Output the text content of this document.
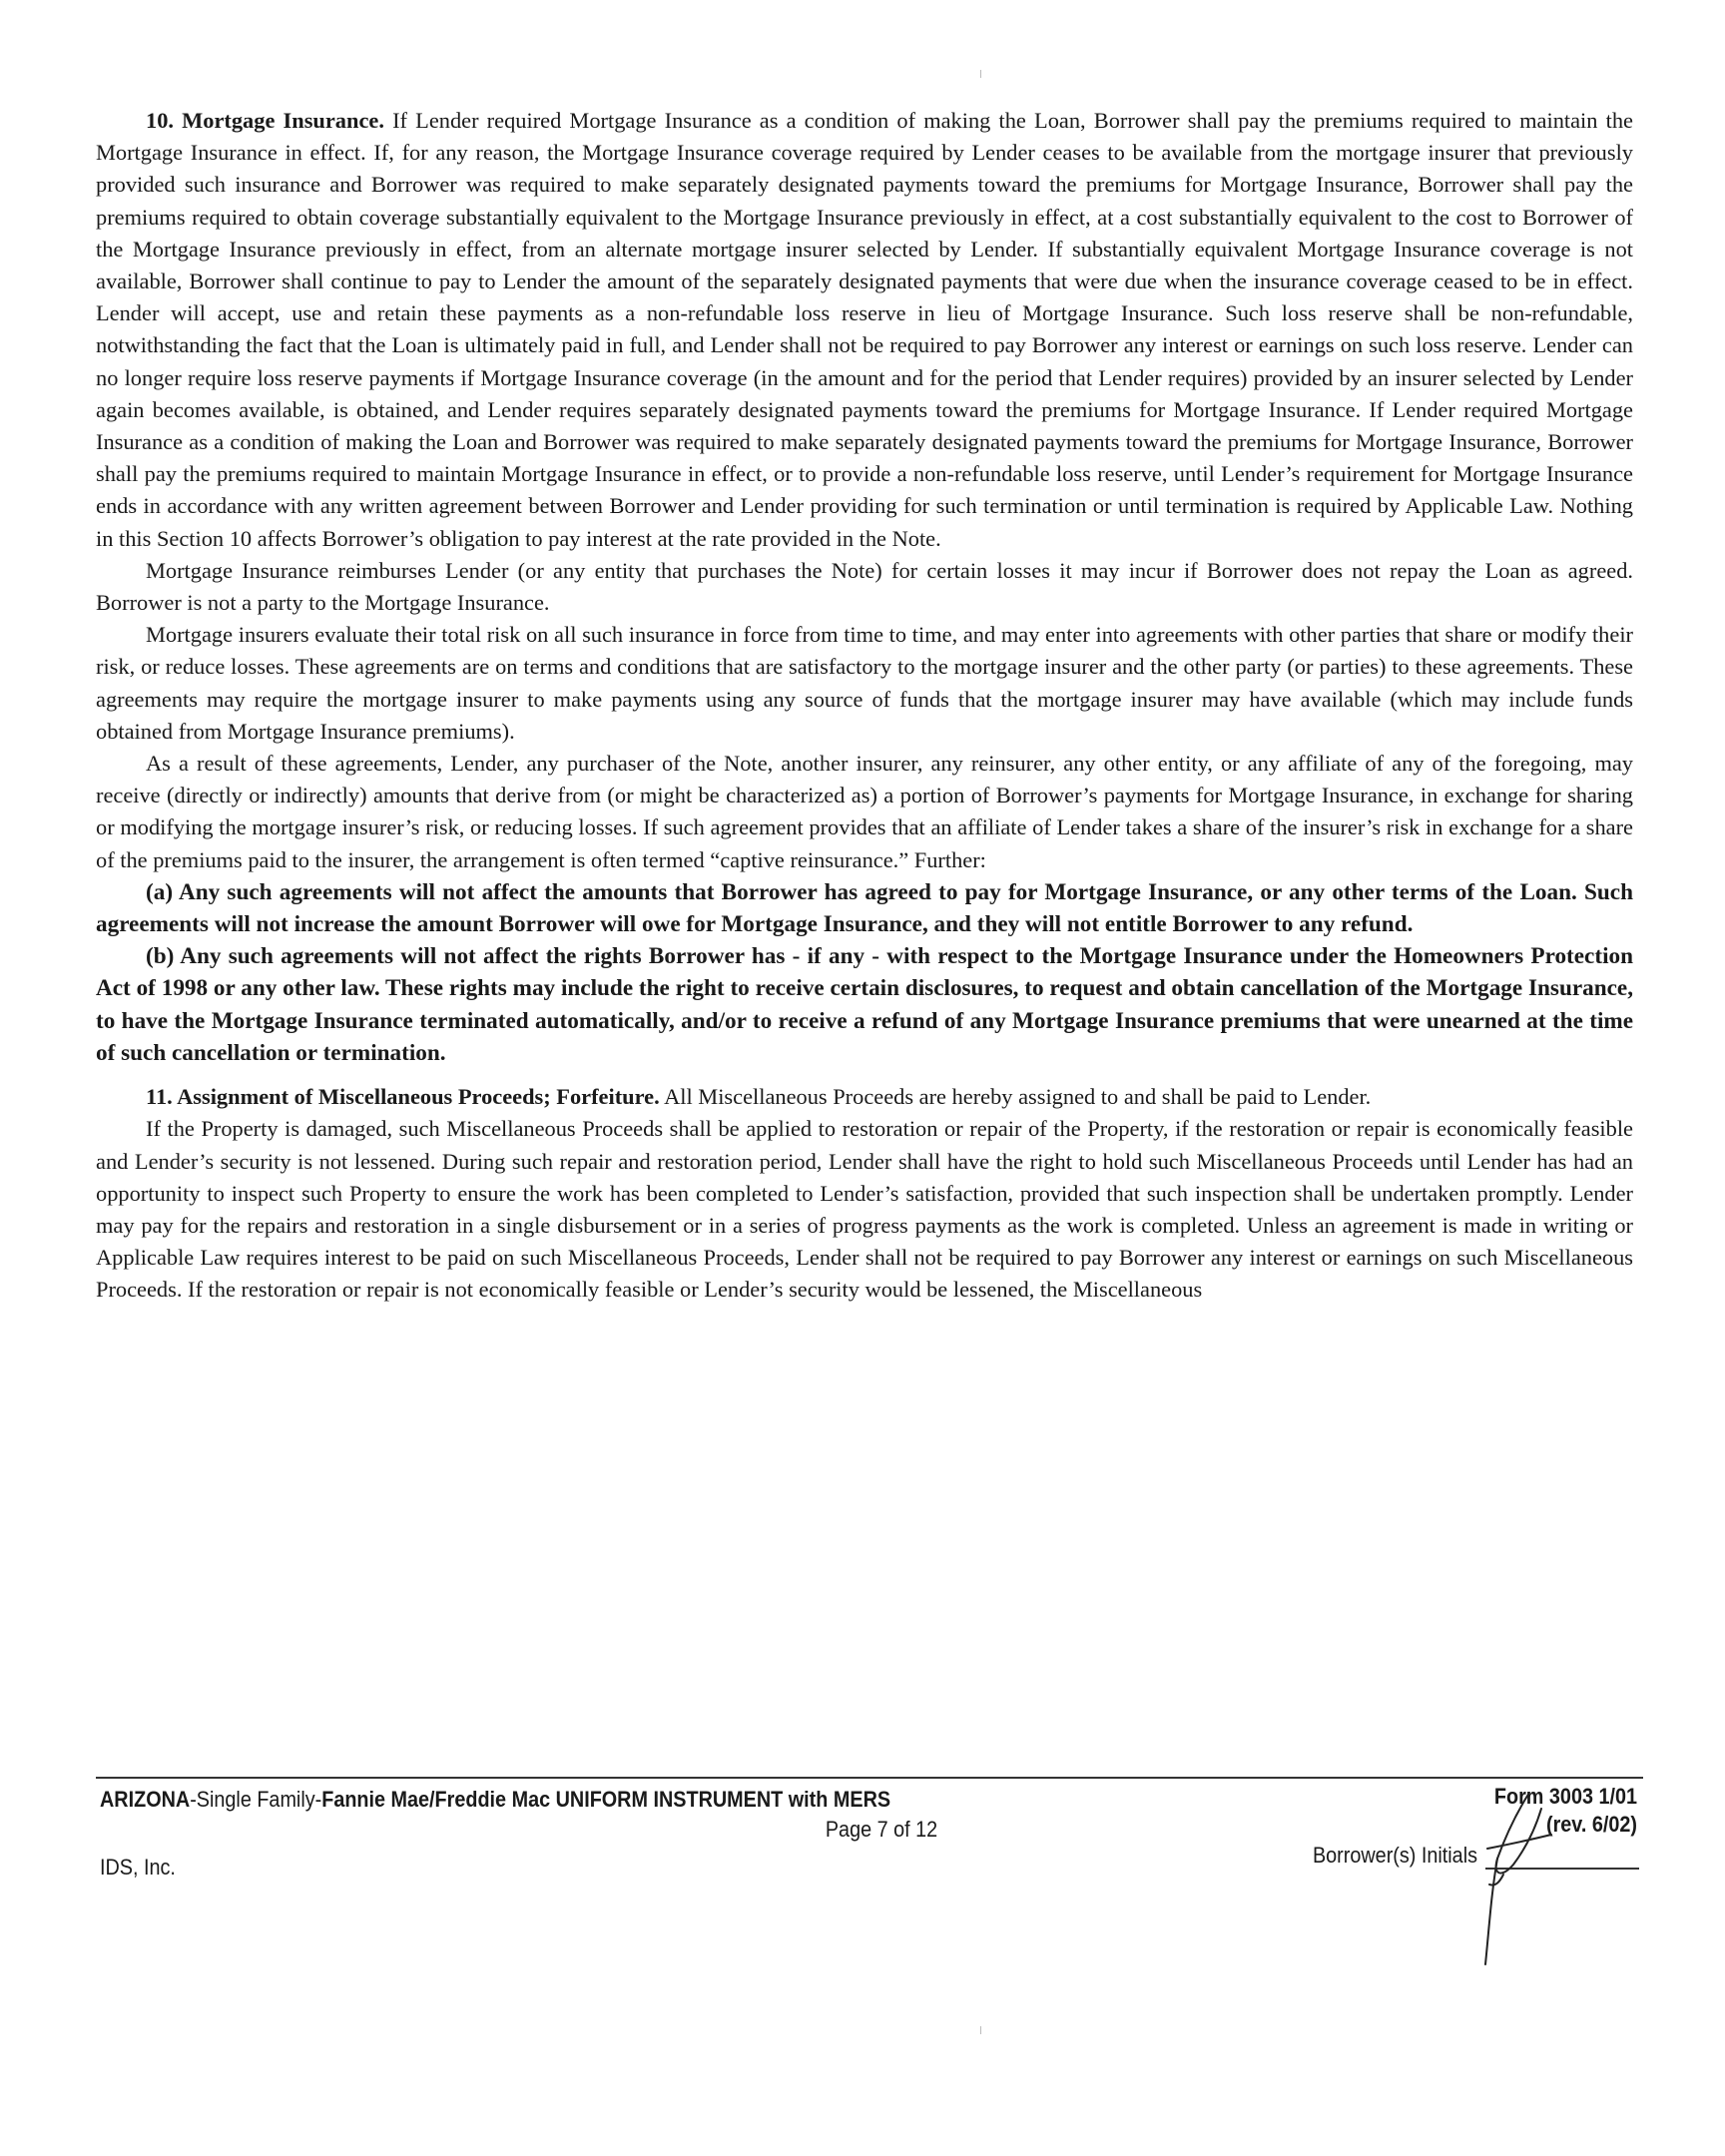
10. Mortgage Insurance. If Lender required Mortgage Insurance as a condition of making the Loan, Borrower shall pay the premiums required to maintain the Mortgage Insurance in effect. If, for any reason, the Mortgage Insurance coverage required by Lender ceases to be available from the mortgage insurer that previously provided such insurance and Borrower was required to make separately designated payments toward the premiums for Mortgage Insurance, Borrower shall pay the premiums required to obtain coverage substantially equivalent to the Mortgage Insurance previously in effect, at a cost substantially equivalent to the cost to Borrower of the Mortgage Insurance previously in effect, from an alternate mortgage insurer selected by Lender. If substantially equivalent Mortgage Insurance coverage is not available, Borrower shall continue to pay to Lender the amount of the separately designated payments that were due when the insurance coverage ceased to be in effect. Lender will accept, use and retain these payments as a non-refundable loss reserve in lieu of Mortgage Insurance. Such loss reserve shall be non-refundable, notwithstanding the fact that the Loan is ultimately paid in full, and Lender shall not be required to pay Borrower any interest or earnings on such loss reserve. Lender can no longer require loss reserve payments if Mortgage Insurance coverage (in the amount and for the period that Lender requires) provided by an insurer selected by Lender again becomes available, is obtained, and Lender requires separately designated payments toward the premiums for Mortgage Insurance. If Lender required Mortgage Insurance as a condition of making the Loan and Borrower was required to make separately designated payments toward the premiums for Mortgage Insurance, Borrower shall pay the premiums required to maintain Mortgage Insurance in effect, or to provide a non-refundable loss reserve, until Lender’s requirement for Mortgage Insurance ends in accordance with any written agreement between Borrower and Lender providing for such termination or until termination is required by Applicable Law. Nothing in this Section 10 affects Borrower’s obligation to pay interest at the rate provided in the Note.

Mortgage Insurance reimburses Lender (or any entity that purchases the Note) for certain losses it may incur if Borrower does not repay the Loan as agreed. Borrower is not a party to the Mortgage Insurance.

Mortgage insurers evaluate their total risk on all such insurance in force from time to time, and may enter into agreements with other parties that share or modify their risk, or reduce losses. These agreements are on terms and conditions that are satisfactory to the mortgage insurer and the other party (or parties) to these agreements. These agreements may require the mortgage insurer to make payments using any source of funds that the mortgage insurer may have available (which may include funds obtained from Mortgage Insurance premiums).

As a result of these agreements, Lender, any purchaser of the Note, another insurer, any reinsurer, any other entity, or any affiliate of any of the foregoing, may receive (directly or indirectly) amounts that derive from (or might be characterized as) a portion of Borrower’s payments for Mortgage Insurance, in exchange for sharing or modifying the mortgage insurer’s risk, or reducing losses. If such agreement provides that an affiliate of Lender takes a share of the insurer’s risk in exchange for a share of the premiums paid to the insurer, the arrangement is often termed “captive reinsurance.” Further:

(a) Any such agreements will not affect the amounts that Borrower has agreed to pay for Mortgage Insurance, or any other terms of the Loan. Such agreements will not increase the amount Borrower will owe for Mortgage Insurance, and they will not entitle Borrower to any refund.

(b) Any such agreements will not affect the rights Borrower has - if any - with respect to the Mortgage Insurance under the Homeowners Protection Act of 1998 or any other law. These rights may include the right to receive certain disclosures, to request and obtain cancellation of the Mortgage Insurance, to have the Mortgage Insurance terminated automatically, and/or to receive a refund of any Mortgage Insurance premiums that were unearned at the time of such cancellation or termination.

11. Assignment of Miscellaneous Proceeds; Forfeiture. All Miscellaneous Proceeds are hereby assigned to and shall be paid to Lender.

If the Property is damaged, such Miscellaneous Proceeds shall be applied to restoration or repair of the Property, if the restoration or repair is economically feasible and Lender’s security is not lessened. During such repair and restoration period, Lender shall have the right to hold such Miscellaneous Proceeds until Lender has had an opportunity to inspect such Property to ensure the work has been completed to Lender’s satisfaction, provided that such inspection shall be undertaken promptly. Lender may pay for the repairs and restoration in a single disbursement or in a series of progress payments as the work is completed. Unless an agreement is made in writing or Applicable Law requires interest to be paid on such Miscellaneous Proceeds, Lender shall not be required to pay Borrower any interest or earnings on such Miscellaneous Proceeds. If the restoration or repair is not economically feasible or Lender’s security would be lessened, the Miscellaneous

ARIZONA-Single Family-Fannie Mae/Freddie Mac UNIFORM INSTRUMENT with MERS
Page 7 of 12
IDS, Inc.
Form 3003 1/01
(rev. 6/02)
Borrower(s) Initials
